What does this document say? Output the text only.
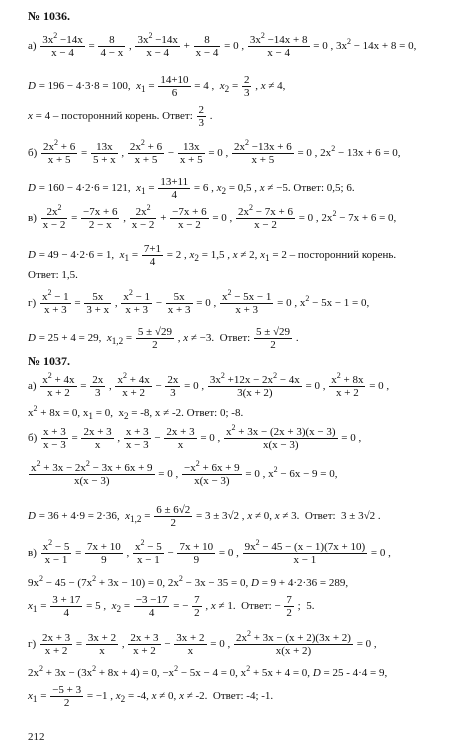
№ 1036.
$a) \frac{3x^2 -14x}{x - 4} = \frac{8}{4 - x}$ , $\frac{3x^2 -14x}{x - 4} + \frac{8}{x - 4} = 0$ , $\frac{3x^2 -14x + 8}{x - 4} = 0$ , $3x^2 - 14x + 8 = 0$,
D = 196 − 4·3·8 = 100,  $x_1 = \frac{14+10}{6} = 4$ ,  $x_2 = \frac{2}{3}$ , x ≠ 4,
x = 4 – посторонний корень. Ответ: $\frac{2}{3}$ .
$б) \frac{2x^2 + 6}{x + 5} = \frac{13x}{5 + x}$ , $\frac{2x^2 + 6}{x + 5} - \frac{13x}{x + 5} = 0$ , $\frac{2x^2 -13x + 6}{x + 5} = 0$ , $2x^2 - 13x + 6 = 0$,
D = 160 − 4·2·6 = 121,  $x_1 = \frac{13+11}{4} = 6$ , $x_2 = 0,5$ , x ≠ −5. Ответ: 0,5; 6.
$в) \frac{2x^2}{x - 2} = \frac{-7x + 6}{2 - x}$ , $\frac{2x^2}{x - 2} + \frac{-7x + 6}{x - 2} = 0$ , $\frac{2x^2 - 7x + 6}{x - 2} = 0$ , $2x^2 - 7x + 6 = 0$,
D = 49 − 4·2·6 = 1,  $x_1 = \frac{7+1}{4} = 2$ , $x_2 = 1,5$ , x ≠ 2, $x_1 = 2$ – посторонний корень.
Ответ: 1,5.
$г) \frac{x^2 - 1}{x + 3} = \frac{5x}{3 + x}$ , $\frac{x^2 - 1}{x + 3} - \frac{5x}{x + 3} = 0$ , $\frac{x^2 - 5x - 1}{x + 3} = 0$ , $x^2 - 5x - 1 = 0$,
D = 25 + 4 = 29,  $x_{1,2} = \frac{5 \pm √29}{2}$ , x ≠ −3.  Ответ: $\frac{5 \pm √29}{2}$ .
№ 1037.
$a) \frac{x^2 + 4x}{x + 2} = \frac{2x}{3}$ , $\frac{x^2 + 4x}{x + 2} - \frac{2x}{3} = 0$ , $\frac{3x^2 +12x - 2x^2 - 4x}{3(x + 2)} = 0$ , $\frac{x^2 + 8x}{x + 2} = 0$ ,
$x^2 + 8x = 0$, $x_1 = 0$,  $x_2 = -8$, x ≠ -2. Ответ: 0; -8.
$б) \frac{x + 3}{x - 3} = \frac{2x + 3}{x}$ , $\frac{x + 3}{x - 3} - \frac{2x + 3}{x} = 0$ , $\frac{x^2 + 3x - (2x + 3)(x - 3)}{x(x - 3)} = 0$ ,
$\frac{x^2 + 3x - 2x^2 - 3x + 6x + 9}{x(x - 3)} = 0$ , $\frac{-x^2 + 6x + 9}{x(x - 3)} = 0$ , $x^2 - 6x - 9 = 0$,
D = 36 + 4·9 = 2·36,  $x_{1,2} = \frac{6 \pm 6√2}{2} = 3 \pm 3√2$ , x ≠ 0, x ≠ 3.  Ответ:  3 ± 3√2 .
$в) \frac{x^2 - 5}{x - 1} = \frac{7x + 10}{9}$ , $\frac{x^2 - 5}{x - 1} - \frac{7x + 10}{9} = 0$ , $\frac{9x^2 - 45 - (x - 1)(7x + 10)}{x - 1} = 0$ ,
$9x^2 - 45 - (7x^2 + 3x - 10) = 0$, $2x^2 - 3x - 35 = 0$, D = 9 + 4·2·36 = 289,
$x_1 = \frac{3 + 17}{4} = 5$ ,  $x_2 = \frac{-3 -17}{4}$ = − $\frac{7}{2}$ , x ≠ 1.  Ответ: − $\frac{7}{2}$ ;  5.
$г) \frac{2x + 3}{x + 2} = \frac{3x + 2}{x}$ , $\frac{2x + 3}{x + 2} - \frac{3x + 2}{x} = 0$ , $\frac{2x^2 + 3x - (x + 2)(3x + 2)}{x(x + 2)} = 0$ ,
$2x^2 + 3x - (3x^2 + 8x + 4) = 0$, $-x^2 - 5x - 4 = 0$, $x^2 + 5x + 4 = 0$, D = 25 - 4·4 = 9,
$x_1 = \frac{-5 + 3}{2} = -1$ , $x_2 = -4$, x ≠ 0, x ≠ -2.  Ответ: -4; -1.
212
